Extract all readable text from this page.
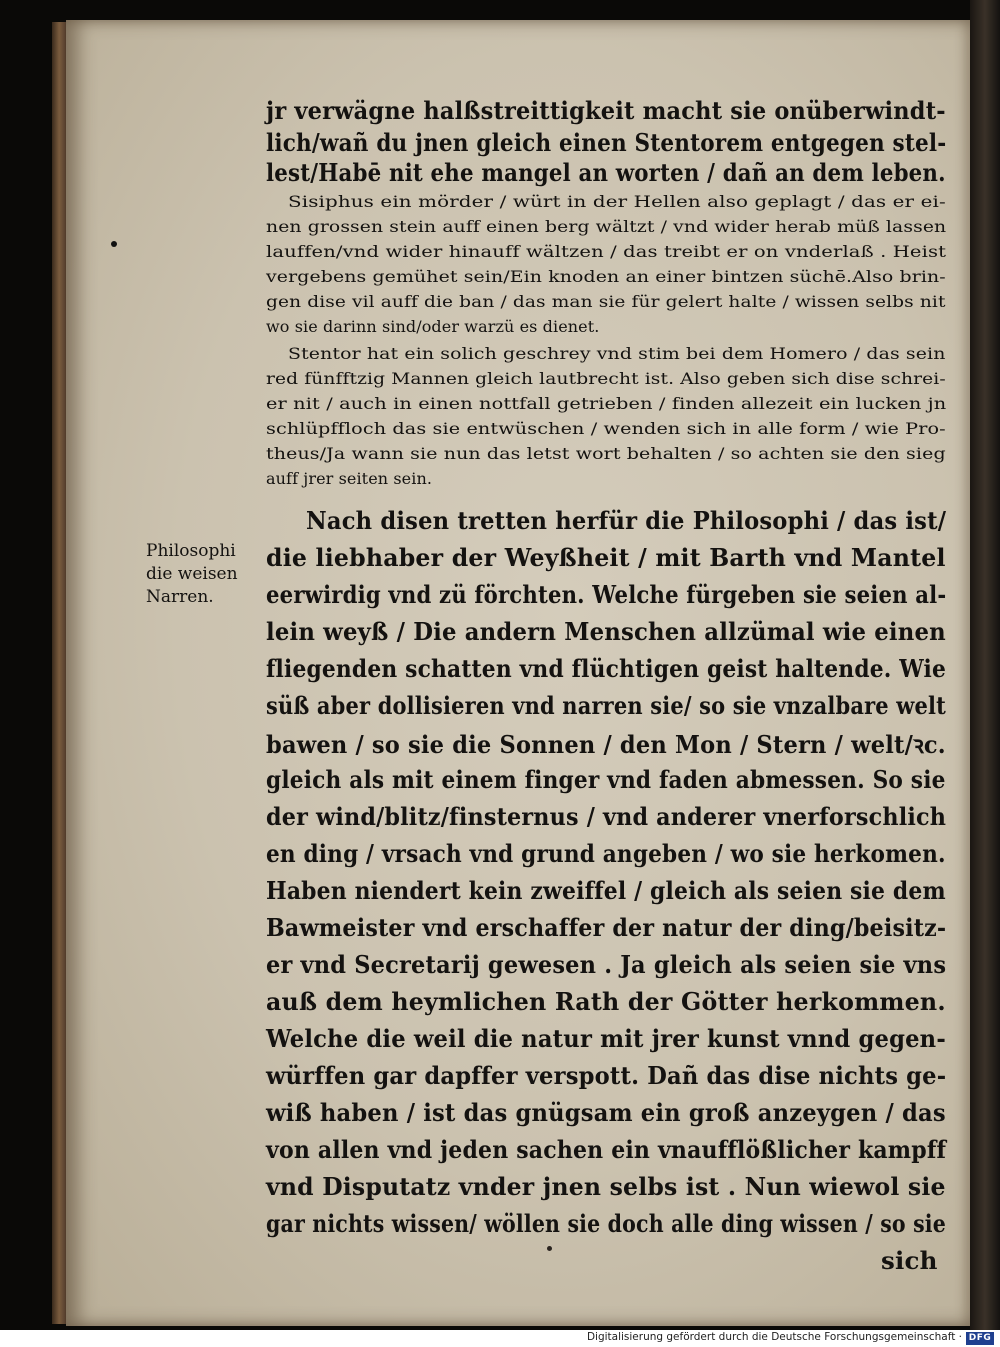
jr verwägne halßstreittigkeit macht sie onüberwindt-
lich/wañ du jnen gleich einen Stentorem entgegen stel-
lest/Habē nit ehe mangel an worten / dañ an dem leben.
Sisiphus ein mörder / würt in der Hellen also geplagt / das er ei-
nen grossen stein auff einen berg wältzt / vnd wider herab müß lassen
lauffen/vnd wider hinauff wältzen / das treibt er on vnderlaß . Heist
vergebens gemühet sein/Ein knoden an einer bintzen süchē.Also brin-
gen dise vil auff die ban / das man sie für gelert halte / wissen selbs nit
wo sie darinn sind/oder warzü es dienet.
Stentor hat ein solich geschrey vnd stim bei dem Homero / das sein
red fünfftzig Mannen gleich lautbrecht ist. Also geben sich dise schrei-
er nit / auch in einen nottfall getrieben / finden allezeit ein lucken jn
schlüpffloch das sie entwüschen / wenden sich in alle form / wie Pro-
theus/Ja wann sie nun das letst wort behalten / so achten sie den sieg
auff jrer seiten sein.
Nach disen tretten herfür die Philosophi / das ist/
die liebhaber der Weyßheit / mit Barth vnd Mantel
eerwirdig vnd zü förchten. Welche fürgeben sie seien al-
lein weyß / Die andern Menschen allzümal wie einen
fliegenden schatten vnd flüchtigen geist haltende. Wie
süß aber dollisieren vnd narren sie/ so sie vnzalbare welt
bawen / so sie die Sonnen / den Mon / Stern / welt/ꝛc.
gleich als mit einem finger vnd faden abmessen. So sie
der wind/blitz/finsternus / vnd anderer vnerforschlich
en ding / vrsach vnd grund angeben / wo sie herkomen.
Haben niendert kein zweiffel / gleich als seien sie dem
Bawmeister vnd erschaffer der natur der ding/beisitz-
er vnd Secretarij gewesen . Ja gleich als seien sie vns
auß dem heymlichen Rath der Götter herkommen.
Welche die weil die natur mit jrer kunst vnnd gegen-
würffen gar dapffer verspott. Dañ das dise nichts ge-
wiß haben / ist das gnügsam ein groß anzeygen / das
von allen vnd jeden sachen ein vnaufflößlicher kampff
vnd Disputatz vnder jnen selbs ist . Nun wiewol sie
gar nichts wissen/ wöllen sie doch alle ding wissen / so sie
sich
Philosophi
die weisen
Narren.
Digitalisierung gefördert durch die Deutsche Forschungsgemeinschaft · DFG
